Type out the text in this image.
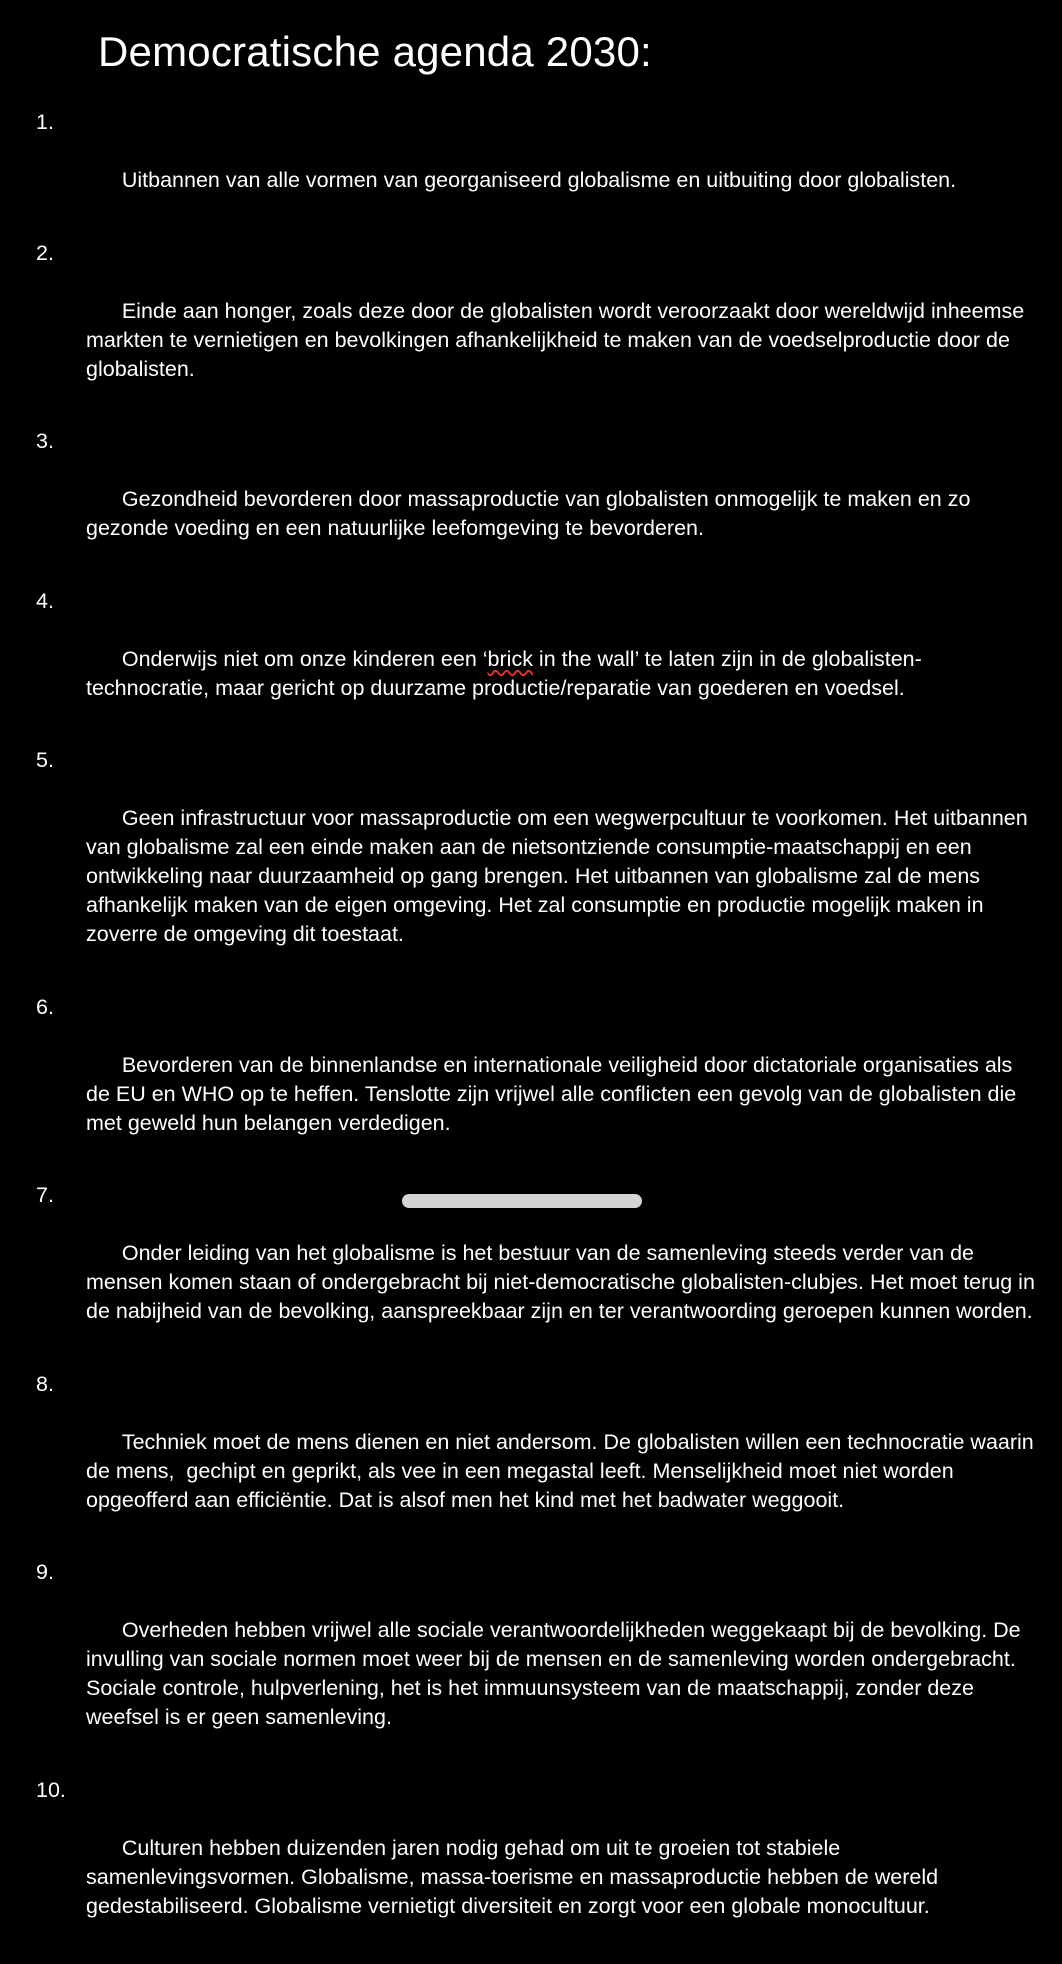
Democratische agenda 2030:

1.

Uitbannen van alle vormen van georganiseerd globalisme en uitbuiting door globalisten.

2.

Einde aan honger, zoals deze door de globalisten wordt veroorzaakt door wereldwijd inheemse  markten te vernietigen en bevolkingen afhankelijkheid te maken van de voedselproductie door de globalisten.

3.

Gezondheid bevorderen door massaproductie van globalisten onmogelijk te maken en zo gezonde voeding en een natuurlijke leefomgeving te bevorderen.

4.

Onderwijs niet om onze kinderen een ‘brick in the wall’ te laten zijn in de globalisten-technocratie, maar gericht op duurzame productie/reparatie van goederen en voedsel.

5.

Geen infrastructuur voor massaproductie om een wegwerpcultuur te voorkomen. Het uitbannen van globalisme zal een einde maken aan de nietsontziende consumptie-maatschappij en een ontwikkeling naar duurzaamheid op gang brengen. Het uitbannen van globalisme zal de mens afhankelijk maken van de eigen omgeving. Het zal consumptie en productie mogelijk maken in zoverre de omgeving dit toestaat.

6.

Bevorderen van de binnenlandse en internationale veiligheid door dictatoriale organisaties als de EU en WHO op te heffen. Tenslotte zijn vrijwel alle conflicten een gevolg van de globalisten die met geweld hun belangen verdedigen.

7.

Onder leiding van het globalisme is het bestuur van de samenleving steeds verder van de mensen komen staan of ondergebracht bij niet-democratische globalisten-clubjes. Het moet terug in de nabijheid van de bevolking, aanspreekbaar zijn en ter verantwoording geroepen kunnen worden.

8.

Techniek moet de mens dienen en niet andersom. De globalisten willen een technocratie waarin de mens,  gechipt en geprikt, als vee in een megastal leeft. Menselijkheid moet niet worden opgeofferd aan efficiëntie. Dat is alsof men het kind met het badwater weggooit.

9.

Overheden hebben vrijwel alle sociale verantwoordelijkheden weggekaapt bij de bevolking. De invulling van sociale normen moet weer bij de mensen en de samenleving worden ondergebracht. Sociale controle, hulpverlening, het is het immuunsysteem van de maatschappij, zonder deze weefsel is er geen samenleving.

10.

Culturen hebben duizenden jaren nodig gehad om uit te groeien tot stabiele samenlevingsvormen. Globalisme, massa-toerisme en massaproductie hebben de wereld gedestabiliseerd. Globalisme vernietigt diversiteit en zorgt voor een globale monocultuur.
